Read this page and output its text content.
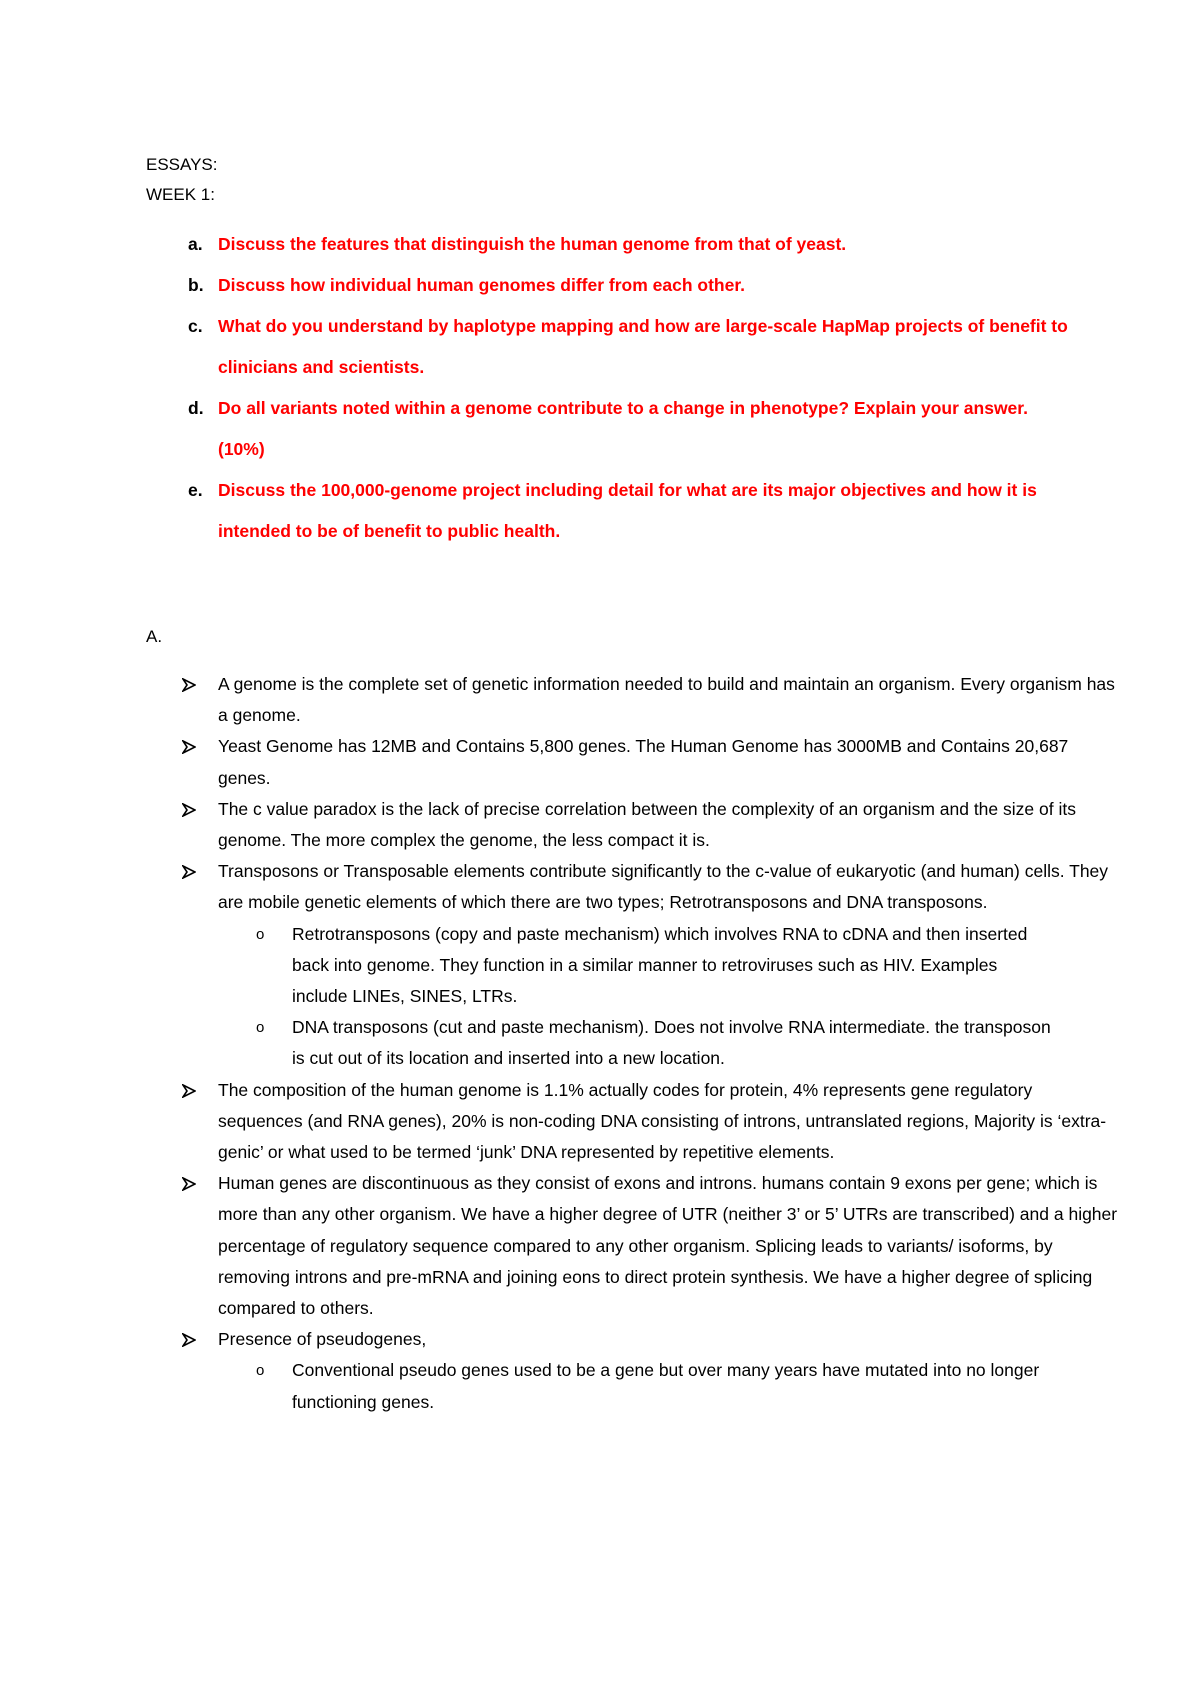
ESSAYS:
WEEK 1:
a. Discuss the features that distinguish the human genome from that of yeast.
b. Discuss how individual human genomes differ from each other.
c. What do you understand by haplotype mapping and how are large-scale HapMap projects of benefit to clinicians and scientists.
d. Do all variants noted within a genome contribute to a change in phenotype? Explain your answer. (10%)
e. Discuss the 100,000-genome project including detail for what are its major objectives and how it is intended to be of benefit to public health.
A.
A genome is the complete set of genetic information needed to build and maintain an organism. Every organism has a genome.
Yeast Genome has 12MB and Contains 5,800 genes. The Human Genome has 3000MB and Contains 20,687 genes.
The c value paradox is the lack of precise correlation between the complexity of an organism and the size of its genome. The more complex the genome, the less compact it is.
Transposons or Transposable elements contribute significantly to the c-value of eukaryotic (and human) cells. They are mobile genetic elements of which there are two types; Retrotransposons and DNA transposons.
o Retrotransposons (copy and paste mechanism) which involves RNA to cDNA and then inserted back into genome. They function in a similar manner to retroviruses such as HIV. Examples include LINEs, SINES, LTRs.
o DNA transposons (cut and paste mechanism). Does not involve RNA intermediate. the transposon is cut out of its location and inserted into a new location.
The composition of the human genome is 1.1% actually codes for protein, 4% represents gene regulatory sequences (and RNA genes), 20% is non-coding DNA consisting of introns, untranslated regions, Majority is ‘extra-genic’ or what used to be termed ‘junk’ DNA represented by repetitive elements.
Human genes are discontinuous as they consist of exons and introns. humans contain 9 exons per gene; which is more than any other organism. We have a higher degree of UTR (neither 3’ or 5’ UTRs are transcribed) and a higher percentage of regulatory sequence compared to any other organism. Splicing leads to variants/ isoforms, by removing introns and pre-mRNA and joining eons to direct protein synthesis. We have a higher degree of splicing compared to others.
Presence of pseudogenes,
o Conventional pseudo genes used to be a gene but over many years have mutated into no longer functioning genes.
